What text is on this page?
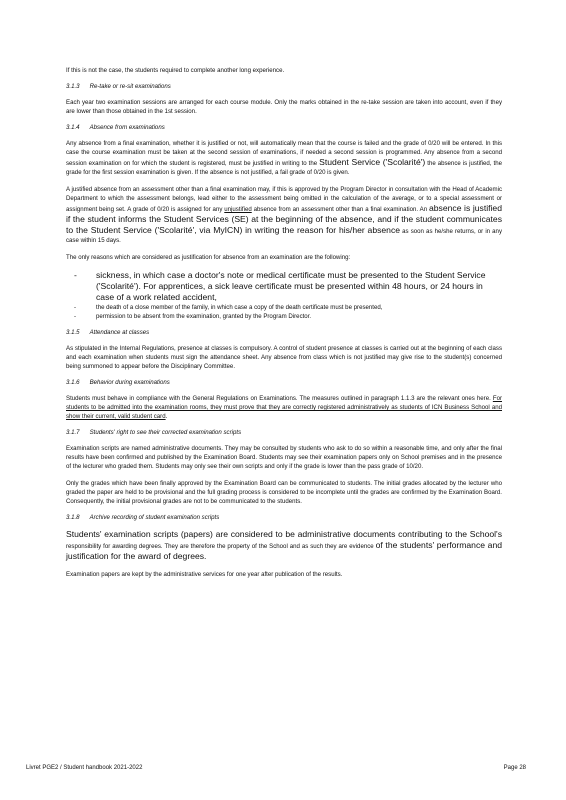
If this is not the case, the students required to complete another long experience.

3.1.3 Re-take or re-sit examinations

Each year two examination sessions are arranged for each course module. Only the marks obtained in the re-take session are taken into account, even if they are lower than those obtained in the 1st session.

3.1.4 Absence from examinations

Any absence from a final examination, whether it is justified or not, will automatically mean that the course is failed and the grade of 0/20 will be entered. In this case the course examination must be taken at the second session of examinations, if needed a second session is programmed. Any absence from a second session examination on for which the student is registered, must be justified in writing to the Student Service ('Scolarité') the absence is justified, the grade for the first session examination is given. If the absence is not justified, a fail grade of 0/20 is given.

A justified absence from an assessment other than a final examination may, if this is approved by the Program Director in consultation with the Head of Academic Department to which the assessment belongs, lead either to the assessment being omitted in the calculation of the average, or to a special assessment or assignment being set. A grade of 0/20 is assigned for any unjustified absence from an assessment other than a final examination. An absence is justified if the student informs the Student Services (SE) at the beginning of the absence, and if the student communicates to the Student Service ('Scolarité', via MyICN) in writing the reason for his/her absence as soon as he/she returns, or in any case within 15 days.

The only reasons which are considered as justification for absence from an examination are the following:

-	sickness, in which case a doctor's note or medical certificate must be presented to the Student Service ('Scolarité'). For apprentices, a sick leave certificate must be presented within 48 hours, or 24 hours in case of a work related accident,
-	the death of a close member of the family, in which case a copy of the death certificate must be presented,
-	permission to be absent from the examination, granted by the Program Director.
3.1.5 Attendance at classes

As stipulated in the Internal Regulations, presence at classes is compulsory. A control of student presence at classes is carried out at the beginning of each class and each examination when students must sign the attendance sheet. Any absence from class which is not justified may give rise to the student(s) concerned being summoned to appear before the Disciplinary Committee.

3.1.6 Behavior during examinations

Students must behave in compliance with the General Regulations on Examinations. The measures outlined in paragraph 1.1.3 are the relevant ones here. For students to be admitted into the examination rooms, they must prove that they are correctly registered administratively as students of ICN Business School and show their current, valid student card.

3.1.7 Students' right to see their corrected examination scripts

Examination scripts are named administrative documents. They may be consulted by students who ask to do so within a reasonable time, and only after the final results have been confirmed and published by the Examination Board. Students may see their examination papers only on School premises and in the presence of the lecturer who graded them. Students may only see their own scripts and only if the grade is lower than the pass grade of 10/20.

Only the grades which have been finally approved by the Examination Board can be communicated to students. The initial grades allocated by the lecturer who graded the paper are held to be provisional and the full grading process is considered to be incomplete until the grades are confirmed by the Examination Board. Consequently, the initial provisional grades are not to be communicated to the students.

3.1.8 Archive recording of student examination scripts

Students' examination scripts (papers) are considered to be administrative documents contributing to the School's responsibility for awarding degrees. They are therefore the property of the School and as such they are evidence of the students' performance and justification for the award of degrees.

Examination papers are kept by the administrative services for one year after publication of the results.

Livret PGE2 / Student handbook 2021-2022	Page 28
